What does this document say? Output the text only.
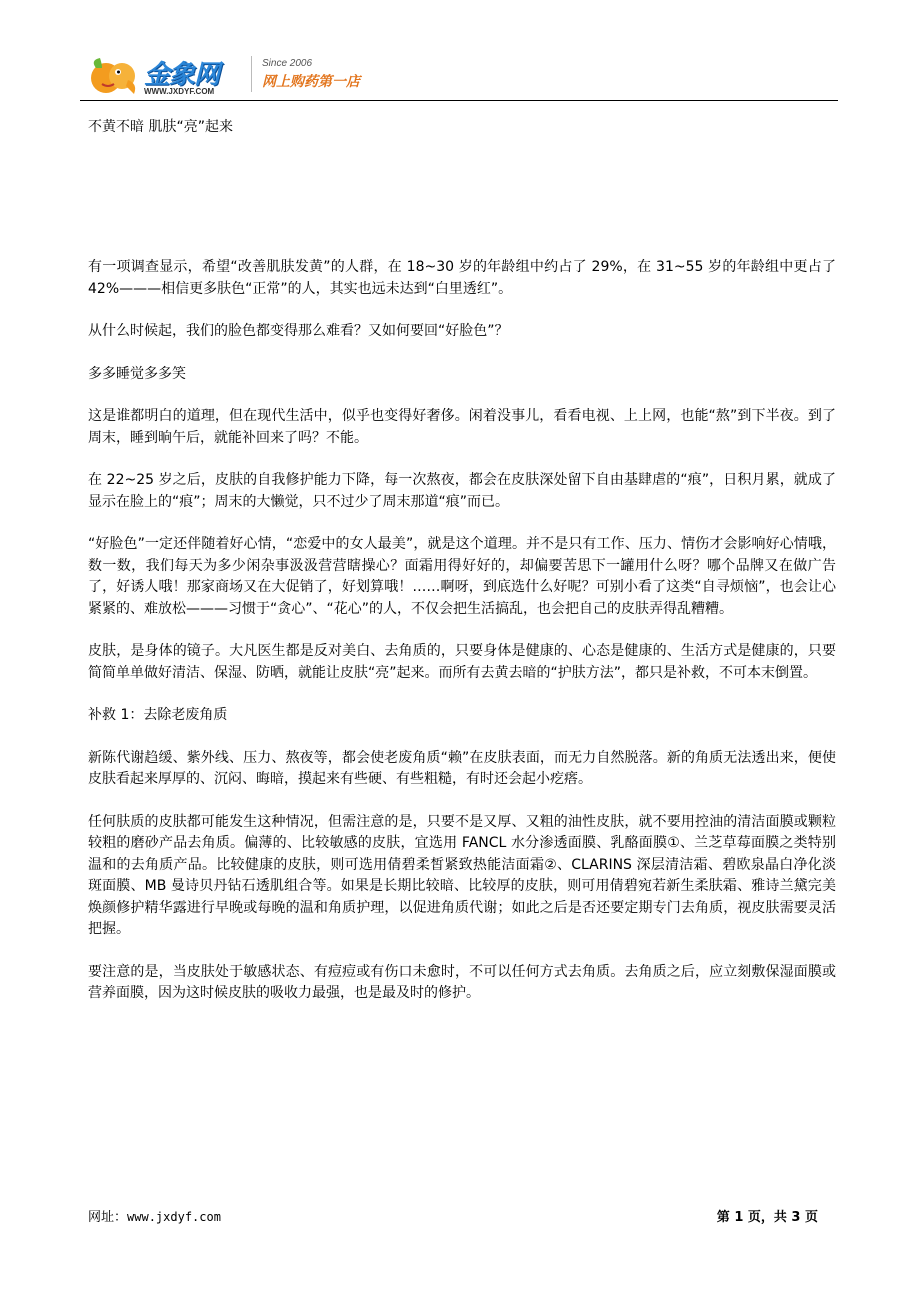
金象网
WWW.JXDYF.COM
Since 2006
网上购药第一店
不黄不暗 肌肤“亮”起来

有一项调查显示，希望“改善肌肤发黄”的人群，在 18~30 岁的年龄组中约占了 29%，在 31~55 岁的年龄组中更占了 42%———相信更多肤色“正常”的人，其实也远未达到“白里透红”。

从什么时候起，我们的脸色都变得那么难看？又如何要回“好脸色”？

多多睡觉多多笑

这是谁都明白的道理，但在现代生活中，似乎也变得好奢侈。闲着没事儿，看看电视、上上网，也能“熬”到下半夜。到了周末，睡到晌午后，就能补回来了吗？不能。

在 22~25 岁之后，皮肤的自我修护能力下降，每一次熬夜，都会在皮肤深处留下自由基肆虐的“痕”，日积月累，就成了显示在脸上的“痕”；周末的大懒觉，只不过少了周末那道“痕”而已。

“好脸色”一定还伴随着好心情，“恋爱中的女人最美”，就是这个道理。并不是只有工作、压力、情伤才会影响好心情哦，数一数，我们每天为多少闲杂事汲汲营营瞎操心？面霜用得好好的，却偏要苦思下一罐用什么呀？哪个品牌又在做广告了，好诱人哦！那家商场又在大促销了，好划算哦！……啊呀，到底选什么好呢？可别小看了这类“自寻烦恼”，也会让心紧紧的、难放松———习惯于“贪心”、“花心”的人，不仅会把生活搞乱，也会把自己的皮肤弄得乱糟糟。

皮肤，是身体的镜子。大凡医生都是反对美白、去角质的，只要身体是健康的、心态是健康的、生活方式是健康的，只要简简单单做好清洁、保湿、防晒，就能让皮肤“亮”起来。而所有去黄去暗的“护肤方法”，都只是补救，不可本末倒置。

补救 1：去除老废角质

新陈代谢趋缓、紫外线、压力、熬夜等，都会使老废角质“赖”在皮肤表面，而无力自然脱落。新的角质无法透出来，便使皮肤看起来厚厚的、沉闷、晦暗，摸起来有些硬、有些粗糙，有时还会起小疙瘩。

任何肤质的皮肤都可能发生这种情况，但需注意的是，只要不是又厚、又粗的油性皮肤，就不要用控油的清洁面膜或颗粒较粗的磨砂产品去角质。偏薄的、比较敏感的皮肤，宜选用 FANCL 水分渗透面膜、乳酪面膜①、兰芝草莓面膜之类特别温和的去角质产品。比较健康的皮肤，则可选用倩碧柔皙紧致热能洁面霜②、CLARINS 深层清洁霜、碧欧泉晶白净化淡斑面膜、MB 曼诗贝丹钻石透肌组合等。如果是长期比较暗、比较厚的皮肤，则可用倩碧宛若新生柔肤霜、雅诗兰黛完美焕颜修护精华露进行早晚或每晚的温和角质护理，以促进角质代谢；如此之后是否还要定期专门去角质，视皮肤需要灵活把握。

要注意的是，当皮肤处于敏感状态、有痘痘或有伤口未愈时，不可以任何方式去角质。去角质之后，应立刻敷保湿面膜或营养面膜，因为这时候皮肤的吸收力最强，也是最及时的修护。

网址：www.jxdyf.com	第 1 页，共 3 页
